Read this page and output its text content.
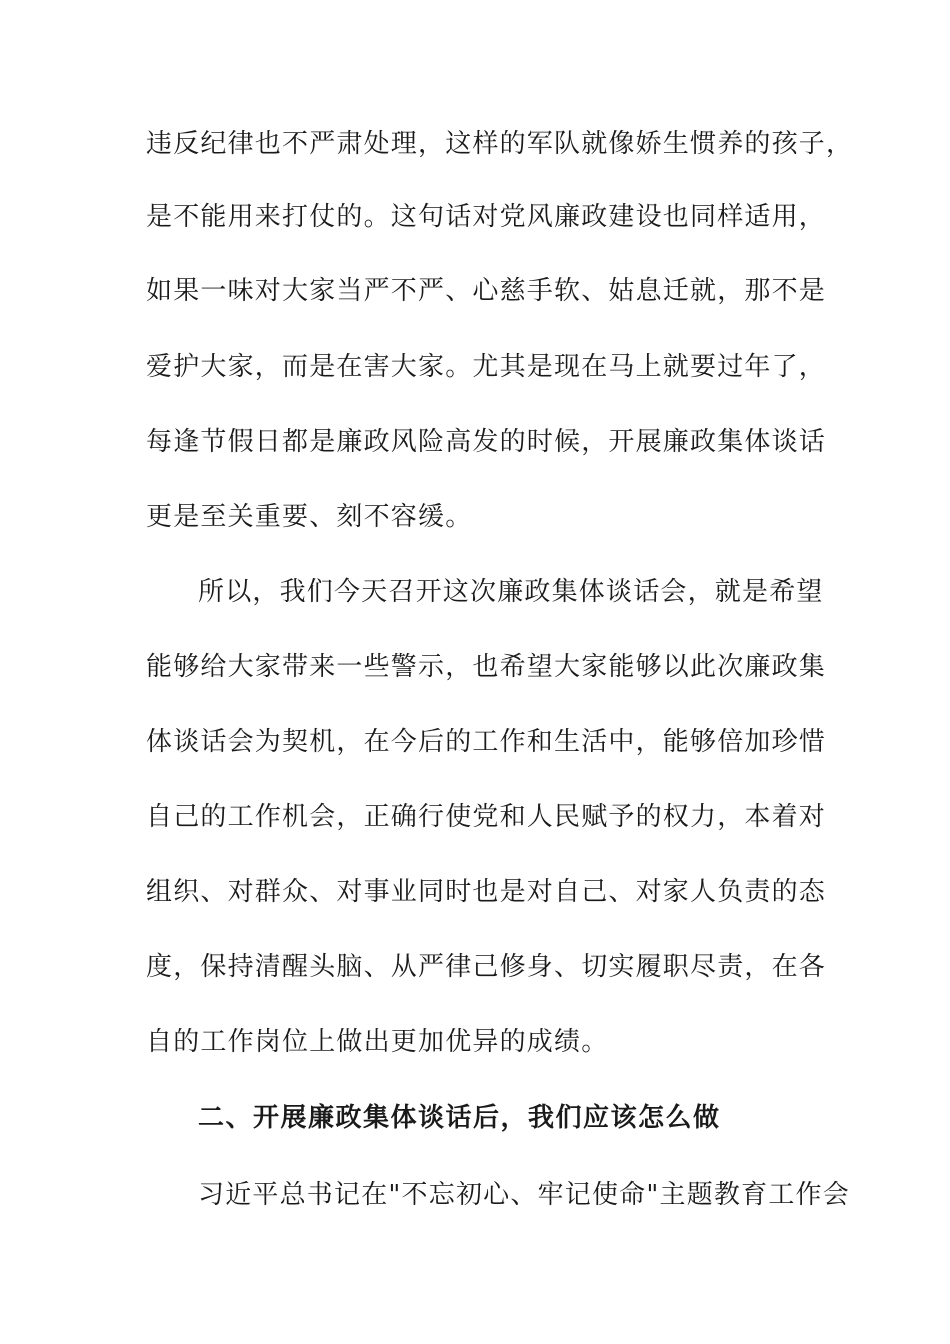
违反纪律也不严肃处理，这样的军队就像娇生惯养的孩子，
是不能用来打仗的。这句话对党风廉政建设也同样适用，
如果一味对大家当严不严、心慈手软、姑息迁就，那不是
爱护大家，而是在害大家。尤其是现在马上就要过年了，
每逢节假日都是廉政风险高发的时候，开展廉政集体谈话
更是至关重要、刻不容缓。
所以，我们今天召开这次廉政集体谈话会，就是希望
能够给大家带来一些警示，也希望大家能够以此次廉政集
体谈话会为契机，在今后的工作和生活中，能够倍加珍惜
自己的工作机会，正确行使党和人民赋予的权力，本着对
组织、对群众、对事业同时也是对自己、对家人负责的态
度，保持清醒头脑、从严律己修身、切实履职尽责，在各
自的工作岗位上做出更加优异的成绩。
二、开展廉政集体谈话后，我们应该怎么做
习近平总书记在"不忘初心、牢记使命"主题教育工作会
